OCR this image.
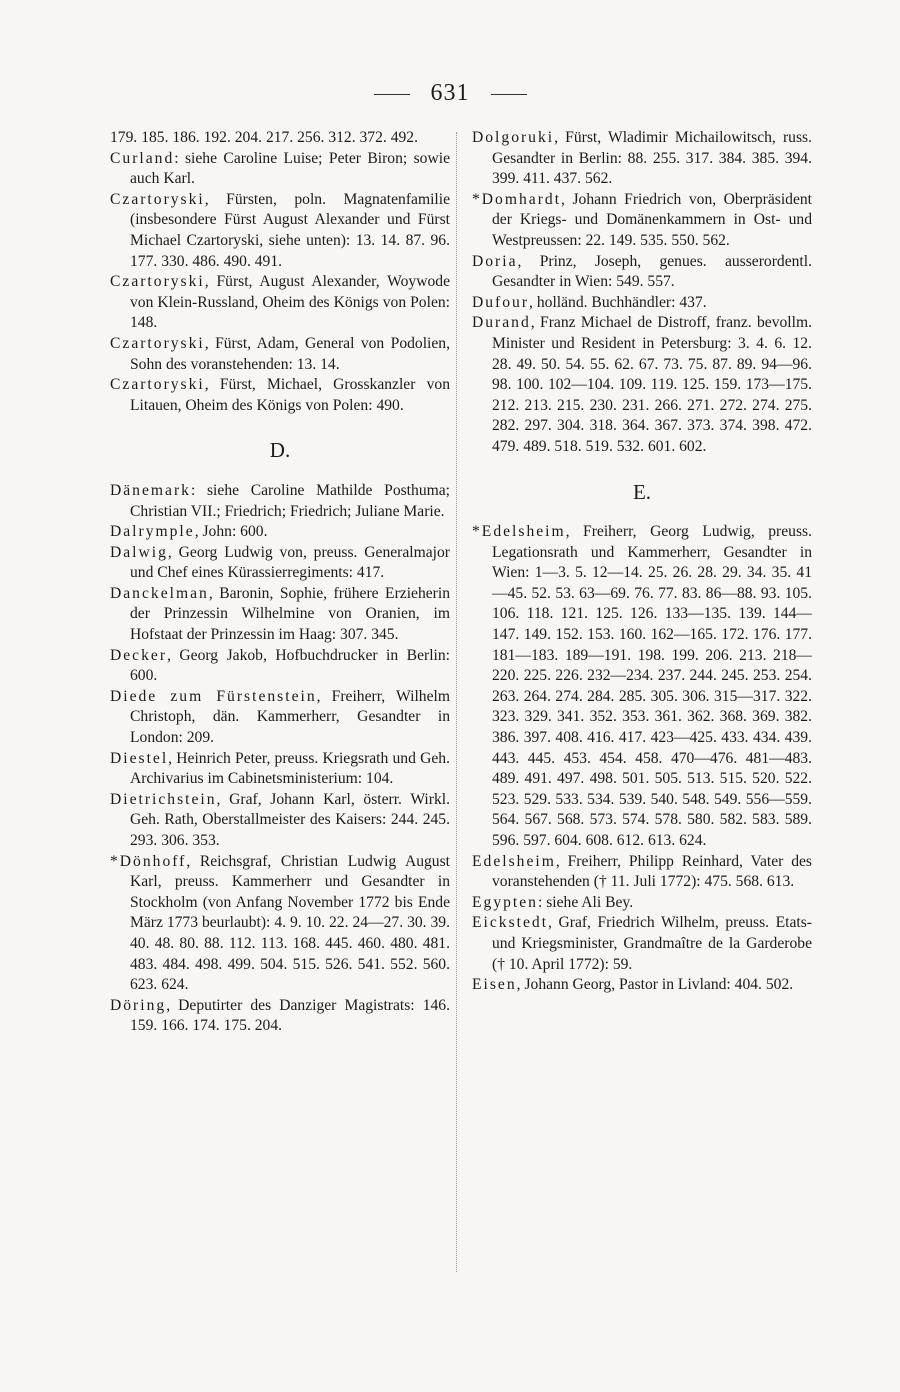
631

179. 185. 186. 192. 204. 217. 256. 312. 372. 492.

Curland: siehe Caroline Luise; Peter Biron; sowie auch Karl.

Czartoryski, Fürsten, poln. Magnatenfamilie (insbesondere Fürst August Alexander und Fürst Michael Czartoryski, siehe unten): 13. 14. 87. 96. 177. 330. 486. 490. 491.

Czartoryski, Fürst, August Alexander, Woywode von Klein-Russland, Oheim des Königs von Polen: 148.

Czartoryski, Fürst, Adam, General von Podolien, Sohn des voranstehenden: 13. 14.

Czartoryski, Fürst, Michael, Grosskanzler von Litauen, Oheim des Königs von Polen: 490.

D.

Dänemark: siehe Caroline Mathilde Posthuma; Christian VII.; Friedrich; Friedrich; Juliane Marie.

Dalrymple, John: 600.

Dalwig, Georg Ludwig von, preuss. Generalmajor und Chef eines Kürassierregiments: 417.

Danckelman, Baronin, Sophie, frühere Erzieherin der Prinzessin Wilhelmine von Oranien, im Hofstaat der Prinzessin im Haag: 307. 345.

Decker, Georg Jakob, Hofbuchdrucker in Berlin: 600.

Diede zum Fürstenstein, Freiherr, Wilhelm Christoph, dän. Kammerherr, Gesandter in London: 209.

Diestel, Heinrich Peter, preuss. Kriegsrath und Geh. Archivarius im Cabinetsministerium: 104.

Dietrichstein, Graf, Johann Karl, österr. Wirkl. Geh. Rath, Oberstallmeister des Kaisers: 244. 245. 293. 306. 353.

*Dönhoff, Reichsgraf, Christian Ludwig August Karl, preuss. Kammerherr und Gesandter in Stockholm (von Anfang November 1772 bis Ende März 1773 beurlaubt): 4. 9. 10. 22. 24—27. 30. 39. 40. 48. 80. 88. 112. 113. 168. 445. 460. 480. 481. 483. 484. 498. 499. 504. 515. 526. 541. 552. 560. 623. 624.

Döring, Deputirter des Danziger Magistrats: 146. 159. 166. 174. 175. 204.

Dolgoruki, Fürst, Wladimir Michailowitsch, russ. Gesandter in Berlin: 88. 255. 317. 384. 385. 394. 399. 411. 437. 562.

*Domhardt, Johann Friedrich von, Oberpräsident der Kriegs- und Domänenkammern in Ost- und Westpreussen: 22. 149. 535. 550. 562.

Doria, Prinz, Joseph, genues. ausserordentl. Gesandter in Wien: 549. 557.

Dufour, holländ. Buchhändler: 437.

Durand, Franz Michael de Distroff, franz. bevollm. Minister und Resident in Petersburg: 3. 4. 6. 12. 28. 49. 50. 54. 55. 62. 67. 73. 75. 87. 89. 94—96. 98. 100. 102—104. 109. 119. 125. 159. 173—175. 212. 213. 215. 230. 231. 266. 271. 272. 274. 275. 282. 297. 304. 318. 364. 367. 373. 374. 398. 472. 479. 489. 518. 519. 532. 601. 602.

E.

*Edelsheim, Freiherr, Georg Ludwig, preuss. Legationsrath und Kammerherr, Gesandter in Wien: 1—3. 5. 12—14. 25. 26. 28. 29. 34. 35. 41—45. 52. 53. 63—69. 76. 77. 83. 86—88. 93. 105. 106. 118. 121. 125. 126. 133—135. 139. 144—147. 149. 152. 153. 160. 162—165. 172. 176. 177. 181—183. 189—191. 198. 199. 206. 213. 218—220. 225. 226. 232—234. 237. 244. 245. 253. 254. 263. 264. 274. 284. 285. 305. 306. 315—317. 322. 323. 329. 341. 352. 353. 361. 362. 368. 369. 382. 386. 397. 408. 416. 417. 423—425. 433. 434. 439. 443. 445. 453. 454. 458. 470—476. 481—483. 489. 491. 497. 498. 501. 505. 513. 515. 520. 522. 523. 529. 533. 534. 539. 540. 548. 549. 556—559. 564. 567. 568. 573. 574. 578. 580. 582. 583. 589. 596. 597. 604. 608. 612. 613. 624.

Edelsheim, Freiherr, Philipp Reinhard, Vater des voranstehenden († 11. Juli 1772): 475. 568. 613.

Egypten: siehe Ali Bey.

Eickstedt, Graf, Friedrich Wilhelm, preuss. Etats- und Kriegsminister, Grandmaître de la Garderobe († 10. April 1772): 59.

Eisen, Johann Georg, Pastor in Livland: 404. 502.
